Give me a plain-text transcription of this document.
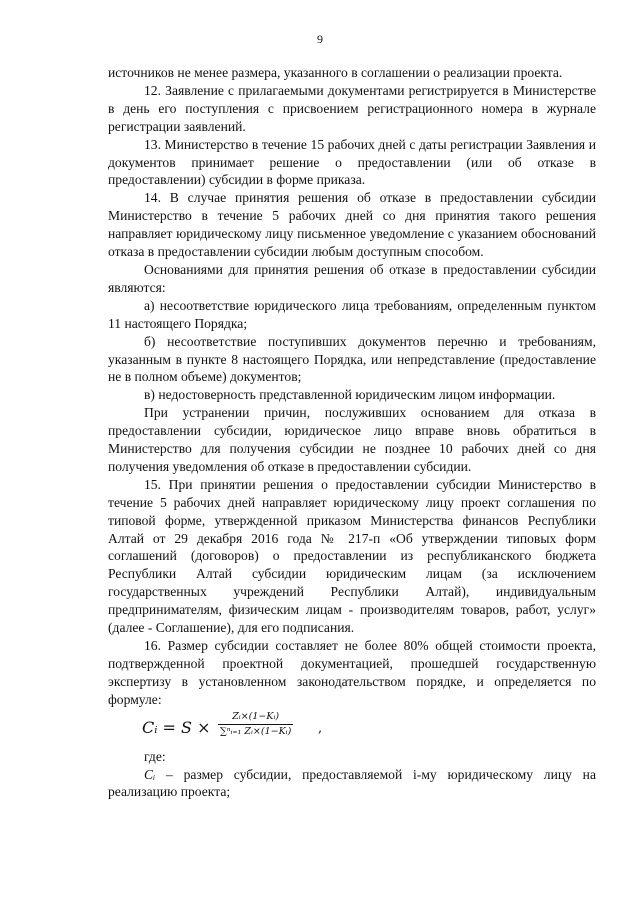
9

источников не менее размера, указанного в соглашении о реализации проекта.

12. Заявление с прилагаемыми документами регистрируется в Министерстве в день его поступления с присвоением регистрационного номера в журнале регистрации заявлений.

13. Министерство в течение 15 рабочих дней с даты регистрации Заявления и документов принимает решение о предоставлении (или об отказе в предоставлении) субсидии в форме приказа.

14. В случае принятия решения об отказе в предоставлении субсидии Министерство в течение 5 рабочих дней со дня принятия такого решения направляет юридическому лицу письменное уведомление с указанием обоснований отказа в предоставлении субсидии любым доступным способом.

Основаниями для принятия решения об отказе в предоставлении субсидии являются:

а) несоответствие юридического лица требованиям, определенным пунктом 11 настоящего Порядка;

б) несоответствие поступивших документов перечню и требованиям, указанным в пункте 8 настоящего Порядка, или непредставление (предоставление не в полном объеме) документов;

в) недостоверность представленной юридическим лицом информации.

При устранении причин, послуживших основанием для отказа в предоставлении субсидии, юридическое лицо вправе вновь обратиться в Министерство для получения субсидии не позднее 10 рабочих дней со дня получения уведомления об отказе в предоставлении субсидии.

15. При принятии решения о предоставлении субсидии Министерство в течение 5 рабочих дней направляет юридическому лицу проект соглашения по типовой форме, утвержденной приказом Министерства финансов Республики Алтай от 29 декабря 2016 года № 217-п «Об утверждении типовых форм соглашений (договоров) о предоставлении из республиканского бюджета Республики Алтай субсидии юридическим лицам (за исключением государственных учреждений Республики Алтай), индивидуальным предпринимателям, физическим лицам - производителям товаров, работ, услуг» (далее - Соглашение), для его подписания.

16. Размер субсидии составляет не более 80% общей стоимости проекта, подтвержденной проектной документацией, прошедшей государственную экспертизу в установленном законодательством порядке, и определяется по формуле:

Cᵢ = S ×
Zᵢ×(1−Kᵢ)
∑ⁿᵢ₌₁ Zᵢ×(1−Kᵢ) ,

где:

Cᵢ – размер субсидии, предоставляемой i-му юридическому лицу на реализацию проекта;
